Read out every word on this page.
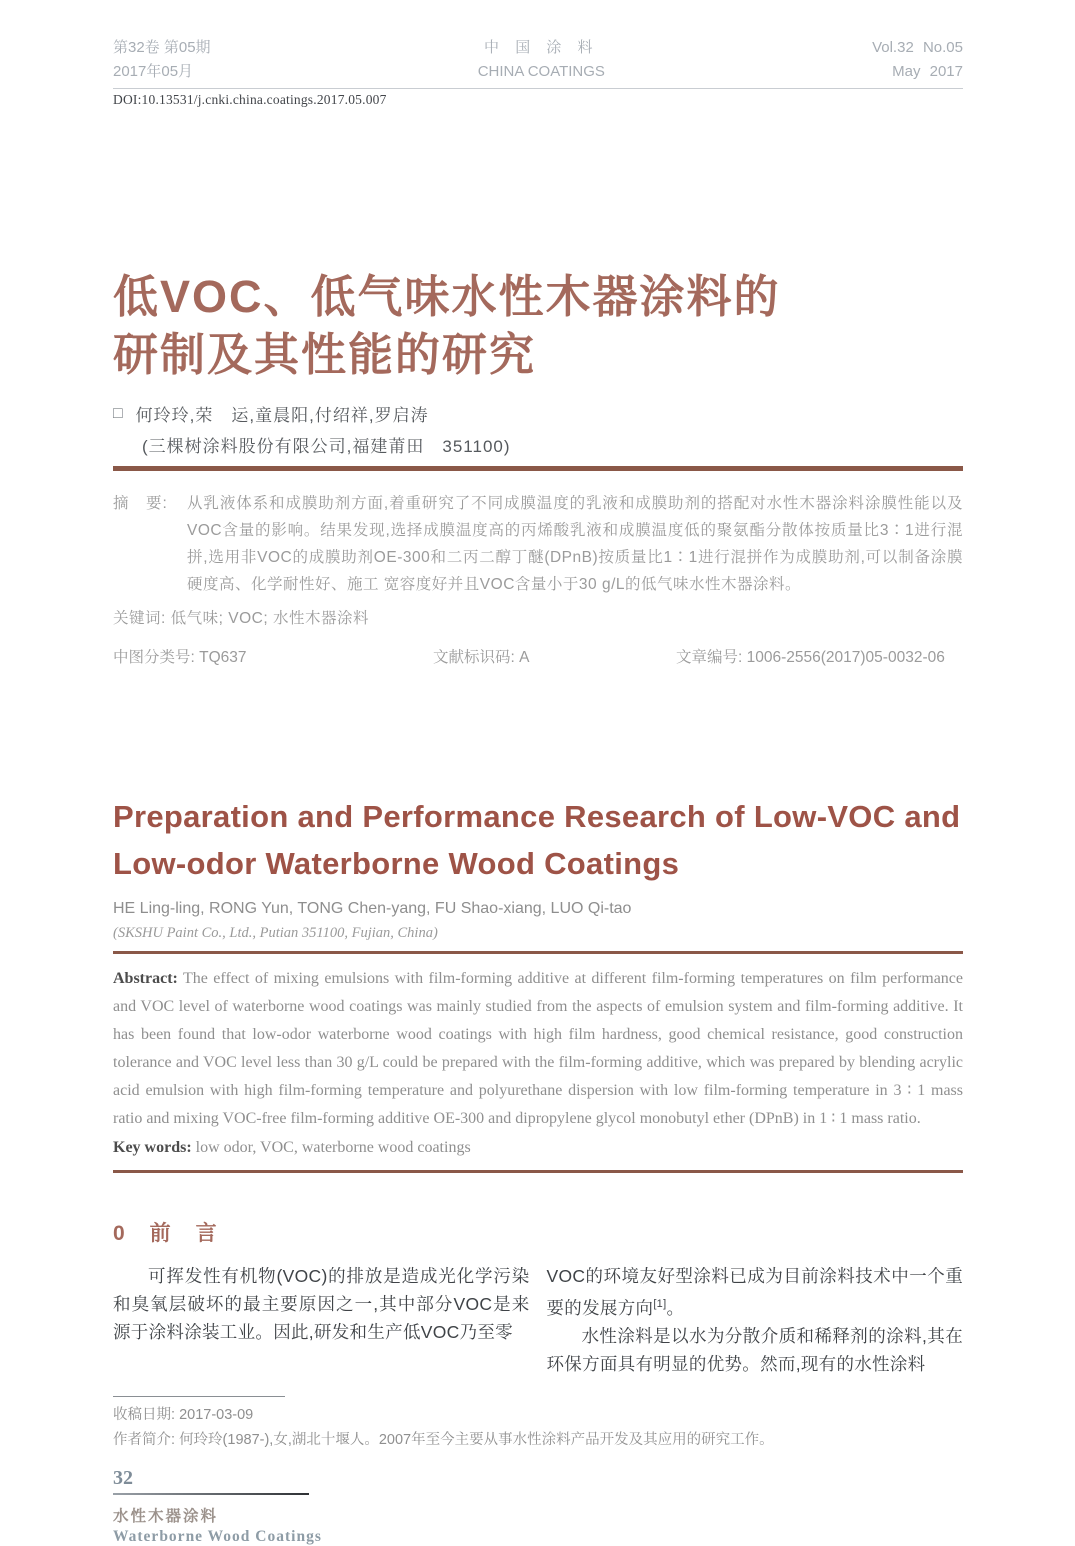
第32卷 第05期
2017年05月
中 国 涂 料
CHINA COATINGS
Vol.32 No.05
May 2017
DOI:10.13531/j.cnki.china.coatings.2017.05.007
低VOC、低气味水性木器涂料的
研制及其性能的研究
□ 何玲玲,荣　运,童晨阳,付绍祥,罗启涛
(三棵树涂料股份有限公司,福建莆田　351100)
摘　要:	从乳液体系和成膜助剂方面,着重研究了不同成膜温度的乳液和成膜助剂的搭配对水性木器涂料涂膜性能以及VOC含量的影响。结果发现,选择成膜温度高的丙烯酸乳液和成膜温度低的聚氨酯分散体按质量比3∶1进行混拼,选用非VOC的成膜助剂OE-300和二丙二醇丁醚(DPnB)按质量比1∶1进行混拼作为成膜助剂,可以制备涂膜硬度高、化学耐性好、施工 宽容度好并且VOC含量小于30 g/L的低气味水性木器涂料。
关键词: 低气味; VOC; 水性木器涂料
中图分类号: TQ637	文献标识码: A	文章编号: 1006-2556(2017)05-0032-06
Preparation and Performance Research of Low-VOC and
Low-odor Waterborne Wood Coatings
HE Ling-ling, RONG Yun, TONG Chen-yang, FU Shao-xiang, LUO Qi-tao
(SKSHU Paint Co., Ltd., Putian 351100, Fujian, China)
Abstract: The effect of mixing emulsions with film-forming additive at different film-forming temperatures on film performance and VOC level of waterborne wood coatings was mainly studied from the aspects of emulsion system and film-forming additive. It has been found that low-odor waterborne wood coatings with high film hardness, good chemical resistance, good construction tolerance and VOC level less than 30 g/L could be prepared with the film-forming additive, which was prepared by blending acrylic acid emulsion with high film-forming temperature and polyurethane dispersion with low film-forming temperature in 3 ∶ 1 mass ratio and mixing VOC-free film-forming additive OE-300 and dipropylene glycol monobutyl ether (DPnB) in 1 ∶ 1 mass ratio.
Key words: low odor, VOC, waterborne wood coatings
0　前　言

可挥发性有机物(VOC)的排放是造成光化学污染和臭氧层破坏的最主要原因之一,其中部分VOC是来源于涂料涂装工业。因此,研发和生产低VOC乃至零

VOC的环境友好型涂料已成为目前涂料技术中一个重要的发展方向[1]。

水性涂料是以水为分散介质和稀释剂的涂料,其在环保方面具有明显的优势。然而,现有的水性涂料

收稿日期: 2017-03-09
作者简介: 何玲玲(1987-),女,湖北十堰人。2007年至今主要从事水性涂料产品开发及其应用的研究工作。
32
水性木器涂料
Waterborne Wood Coatings
